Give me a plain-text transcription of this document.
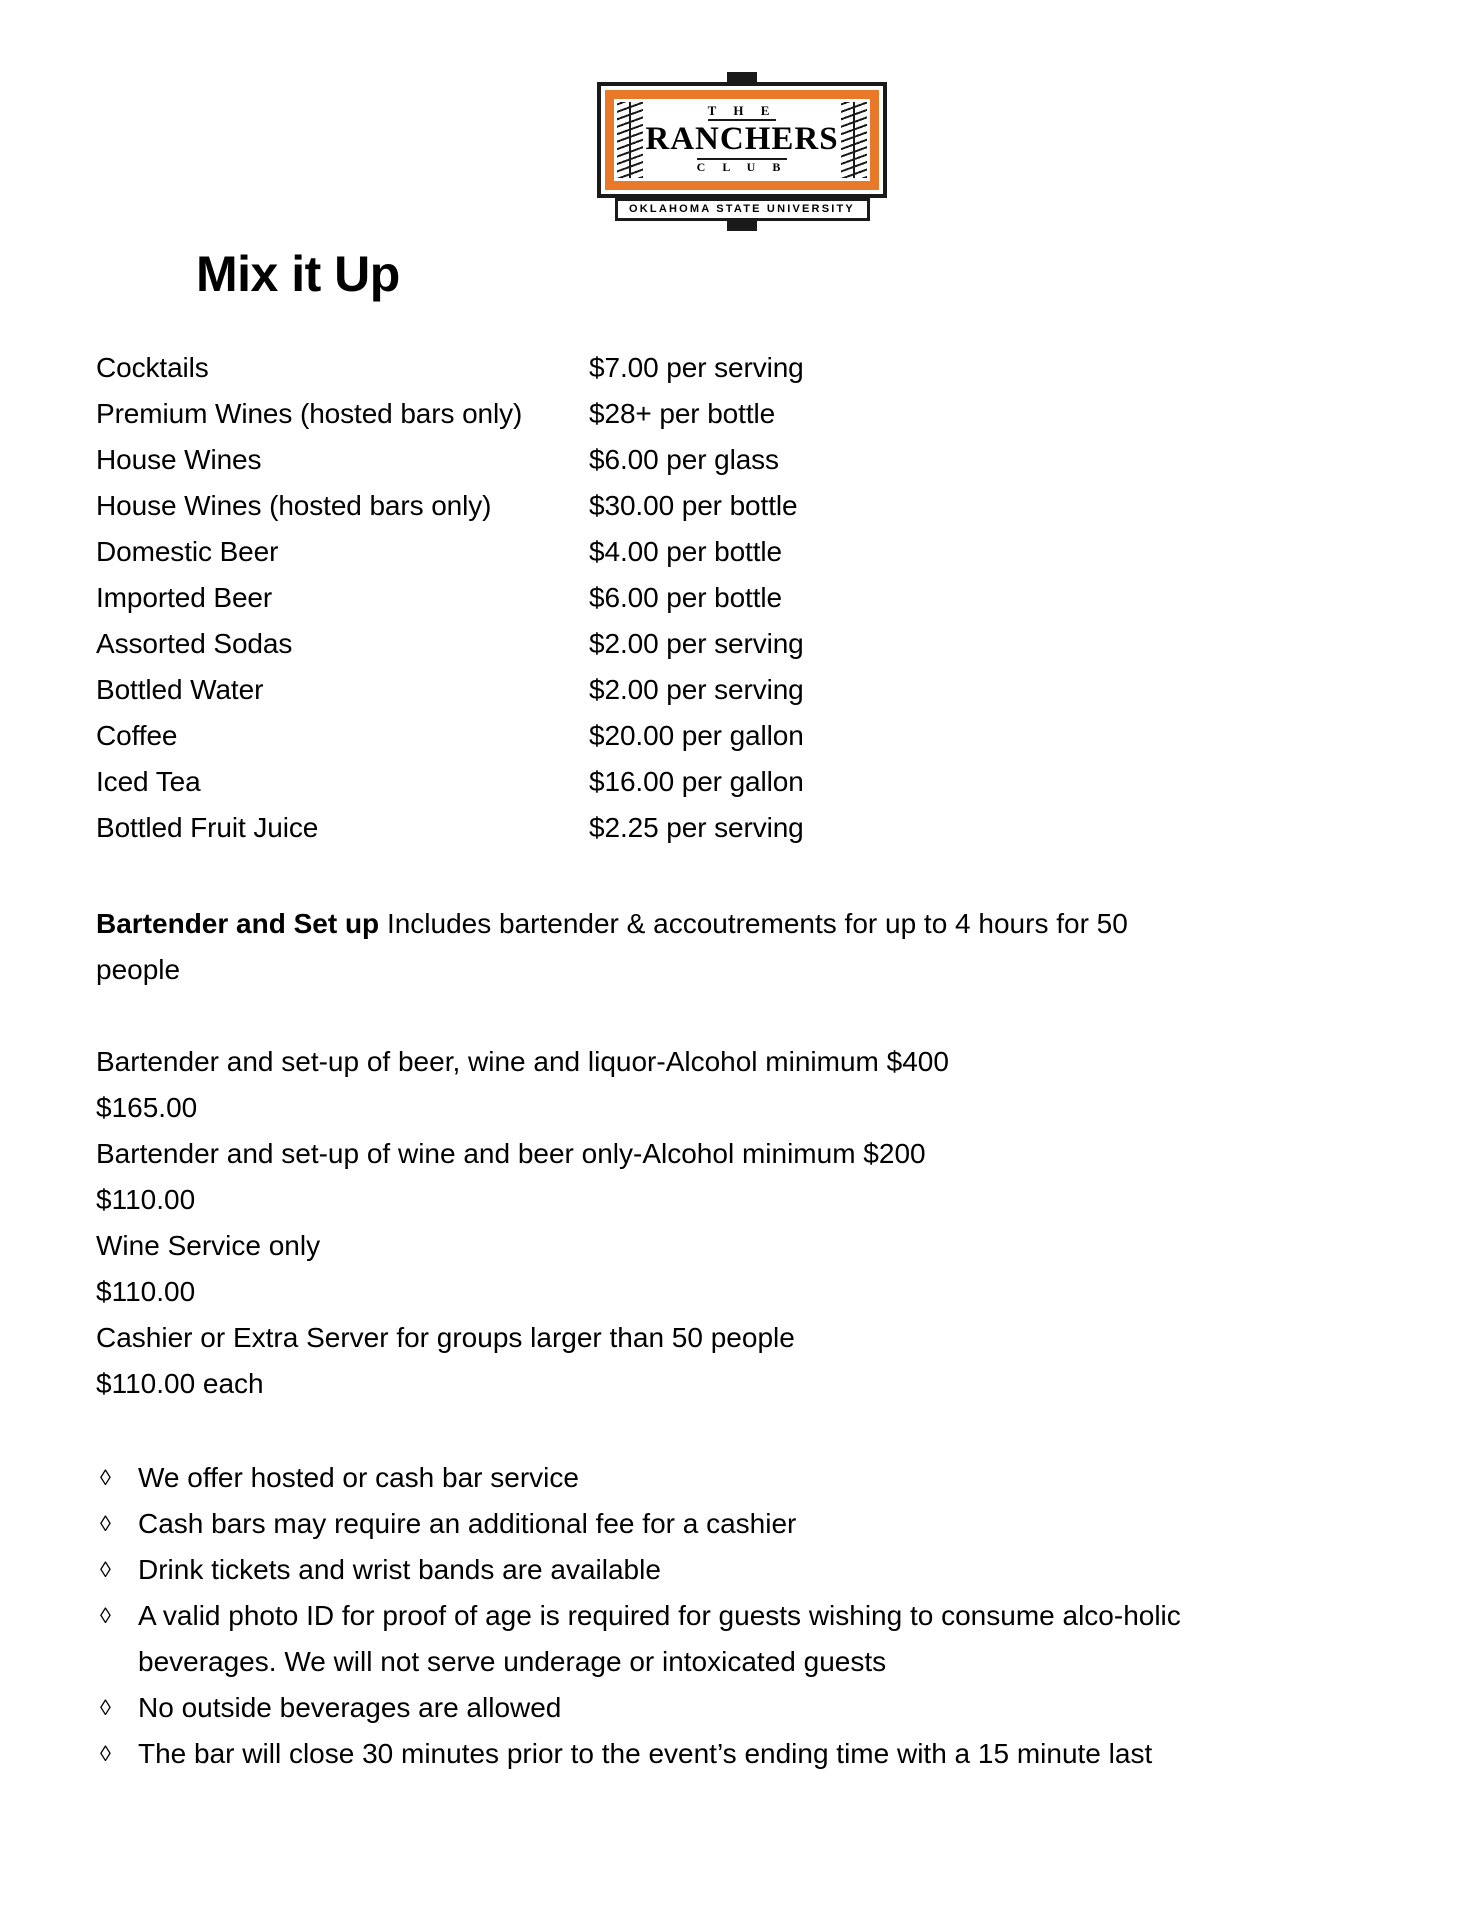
T H E
RANCHERS
C L U B
OKLAHOMA STATE UNIVERSITY
Mix it Up
Cocktails	$7.00 per serving
Premium Wines (hosted bars only)	$28+ per bottle
House Wines	$6.00 per glass
House Wines (hosted bars only)	$30.00 per bottle
Domestic Beer	$4.00 per bottle
Imported Beer	$6.00 per bottle
Assorted Sodas	$2.00 per serving
Bottled Water	$2.00 per serving
Coffee	$20.00 per gallon
Iced Tea	$16.00 per gallon
Bottled Fruit Juice	$2.25 per serving
Bartender and Set up Includes bartender & accoutrements for up to 4 hours for 50 people
Bartender and set-up of beer, wine and liquor-Alcohol minimum $400
$165.00
Bartender and set-up of wine and beer only-Alcohol minimum $200
$110.00
Wine Service only
$110.00
Cashier or Extra Server for groups larger than 50 people
$110.00 each
◊ We offer hosted or cash bar service
◊ Cash bars may require an additional fee for a cashier
◊ Drink tickets and wrist bands are available
◊ A valid photo ID for proof of age is required for guests wishing to consume alco-holic beverages. We will not serve underage or intoxicated guests
◊ No outside beverages are allowed
◊ The bar will close 30 minutes prior to the event’s ending time with a 15 minute last
